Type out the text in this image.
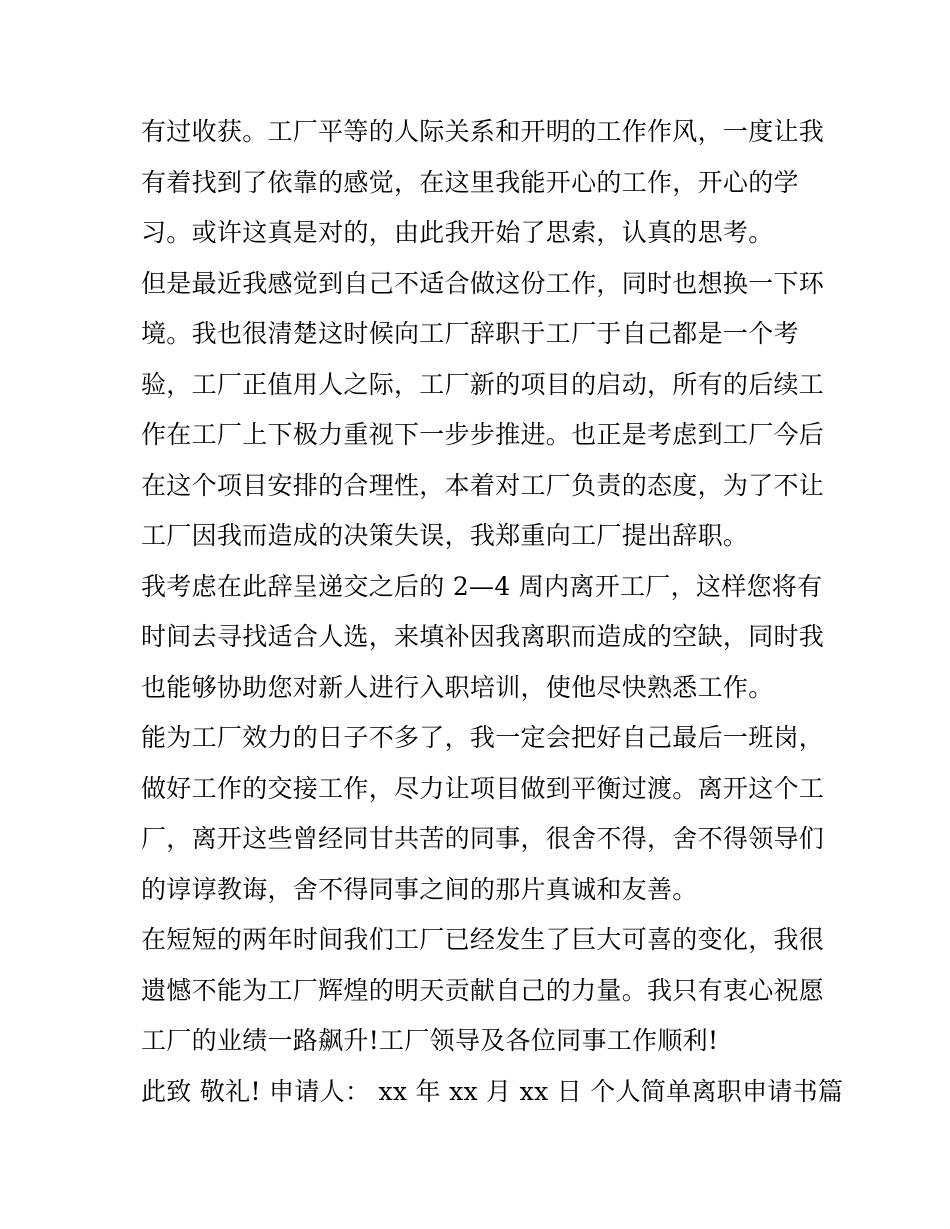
有过收获。工厂平等的人际关系和开明的工作作风，一度让我
有着找到了依靠的感觉，在这里我能开心的工作，开心的学
习。或许这真是对的，由此我开始了思索，认真的思考。
但是最近我感觉到自己不适合做这份工作，同时也想换一下环
境。我也很清楚这时候向工厂辞职于工厂于自己都是一个考
验，工厂正值用人之际，工厂新的项目的启动，所有的后续工
作在工厂上下极力重视下一步步推进。也正是考虑到工厂今后
在这个项目安排的合理性，本着对工厂负责的态度，为了不让
工厂因我而造成的决策失误，我郑重向工厂提出辞职。
我考虑在此辞呈递交之后的 2—4 周内离开工厂，这样您将有
时间去寻找适合人选，来填补因我离职而造成的空缺，同时我
也能够协助您对新人进行入职培训，使他尽快熟悉工作。
能为工厂效力的日子不多了，我一定会把好自己最后一班岗，
做好工作的交接工作，尽力让项目做到平衡过渡。离开这个工
厂，离开这些曾经同甘共苦的同事，很舍不得，舍不得领导们
的谆谆教诲，舍不得同事之间的那片真诚和友善。
在短短的两年时间我们工厂已经发生了巨大可喜的变化，我很
遗憾不能为工厂辉煌的明天贡献自己的力量。我只有衷心祝愿
工厂的业绩一路飙升!工厂领导及各位同事工作顺利!
此致 敬礼! 申请人： xx 年 xx 月 xx 日 个人简单离职申请书篇
